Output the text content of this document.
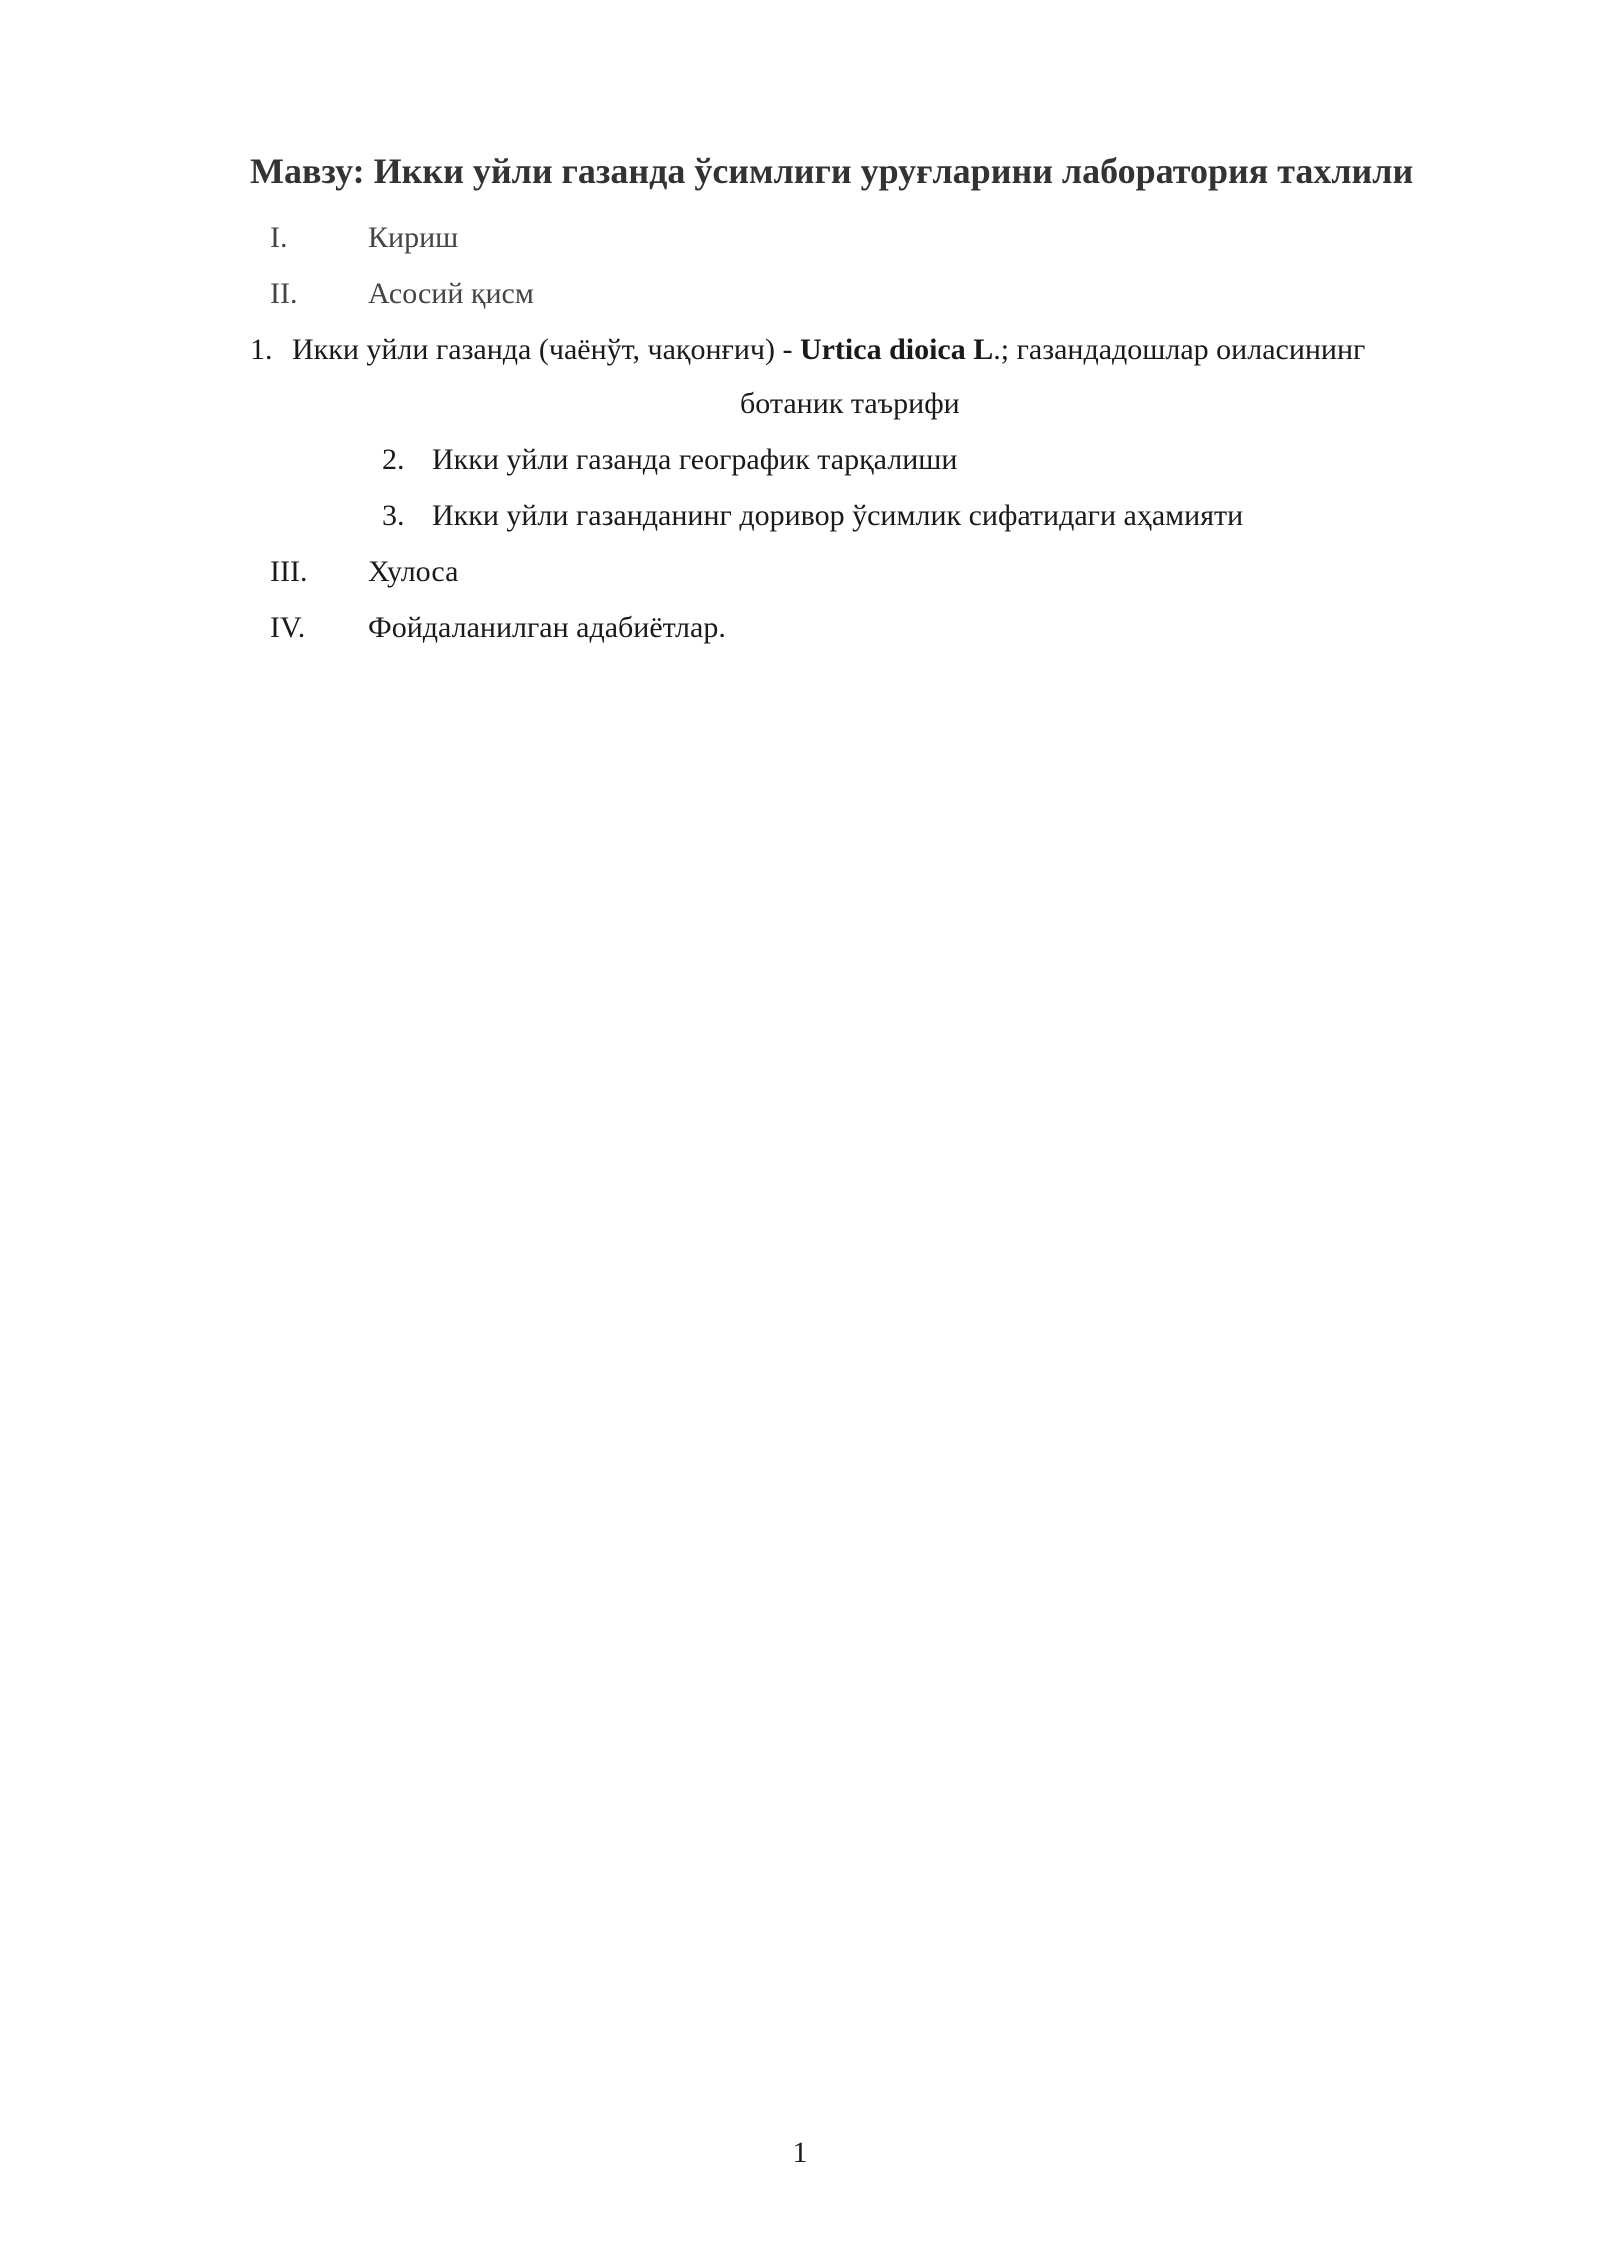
Мавзу: Икки уйли газанда ўсимлиги уруғларини лаборатория тахлили
I.	Кириш
II. Асосий қисм
1. Икки уйли газанда (чаёнўт, чақонғич) - Urtica dioica L.; газандадошлар оиласининг
ботаник таърифи
2. Икки уйли газанда географик тарқалиши
3. Икки уйли газанданинг доривор ўсимлик сифатидаги аҳамияти
III. Хулоса
IV. Фойдаланилган адабиётлар.
1
